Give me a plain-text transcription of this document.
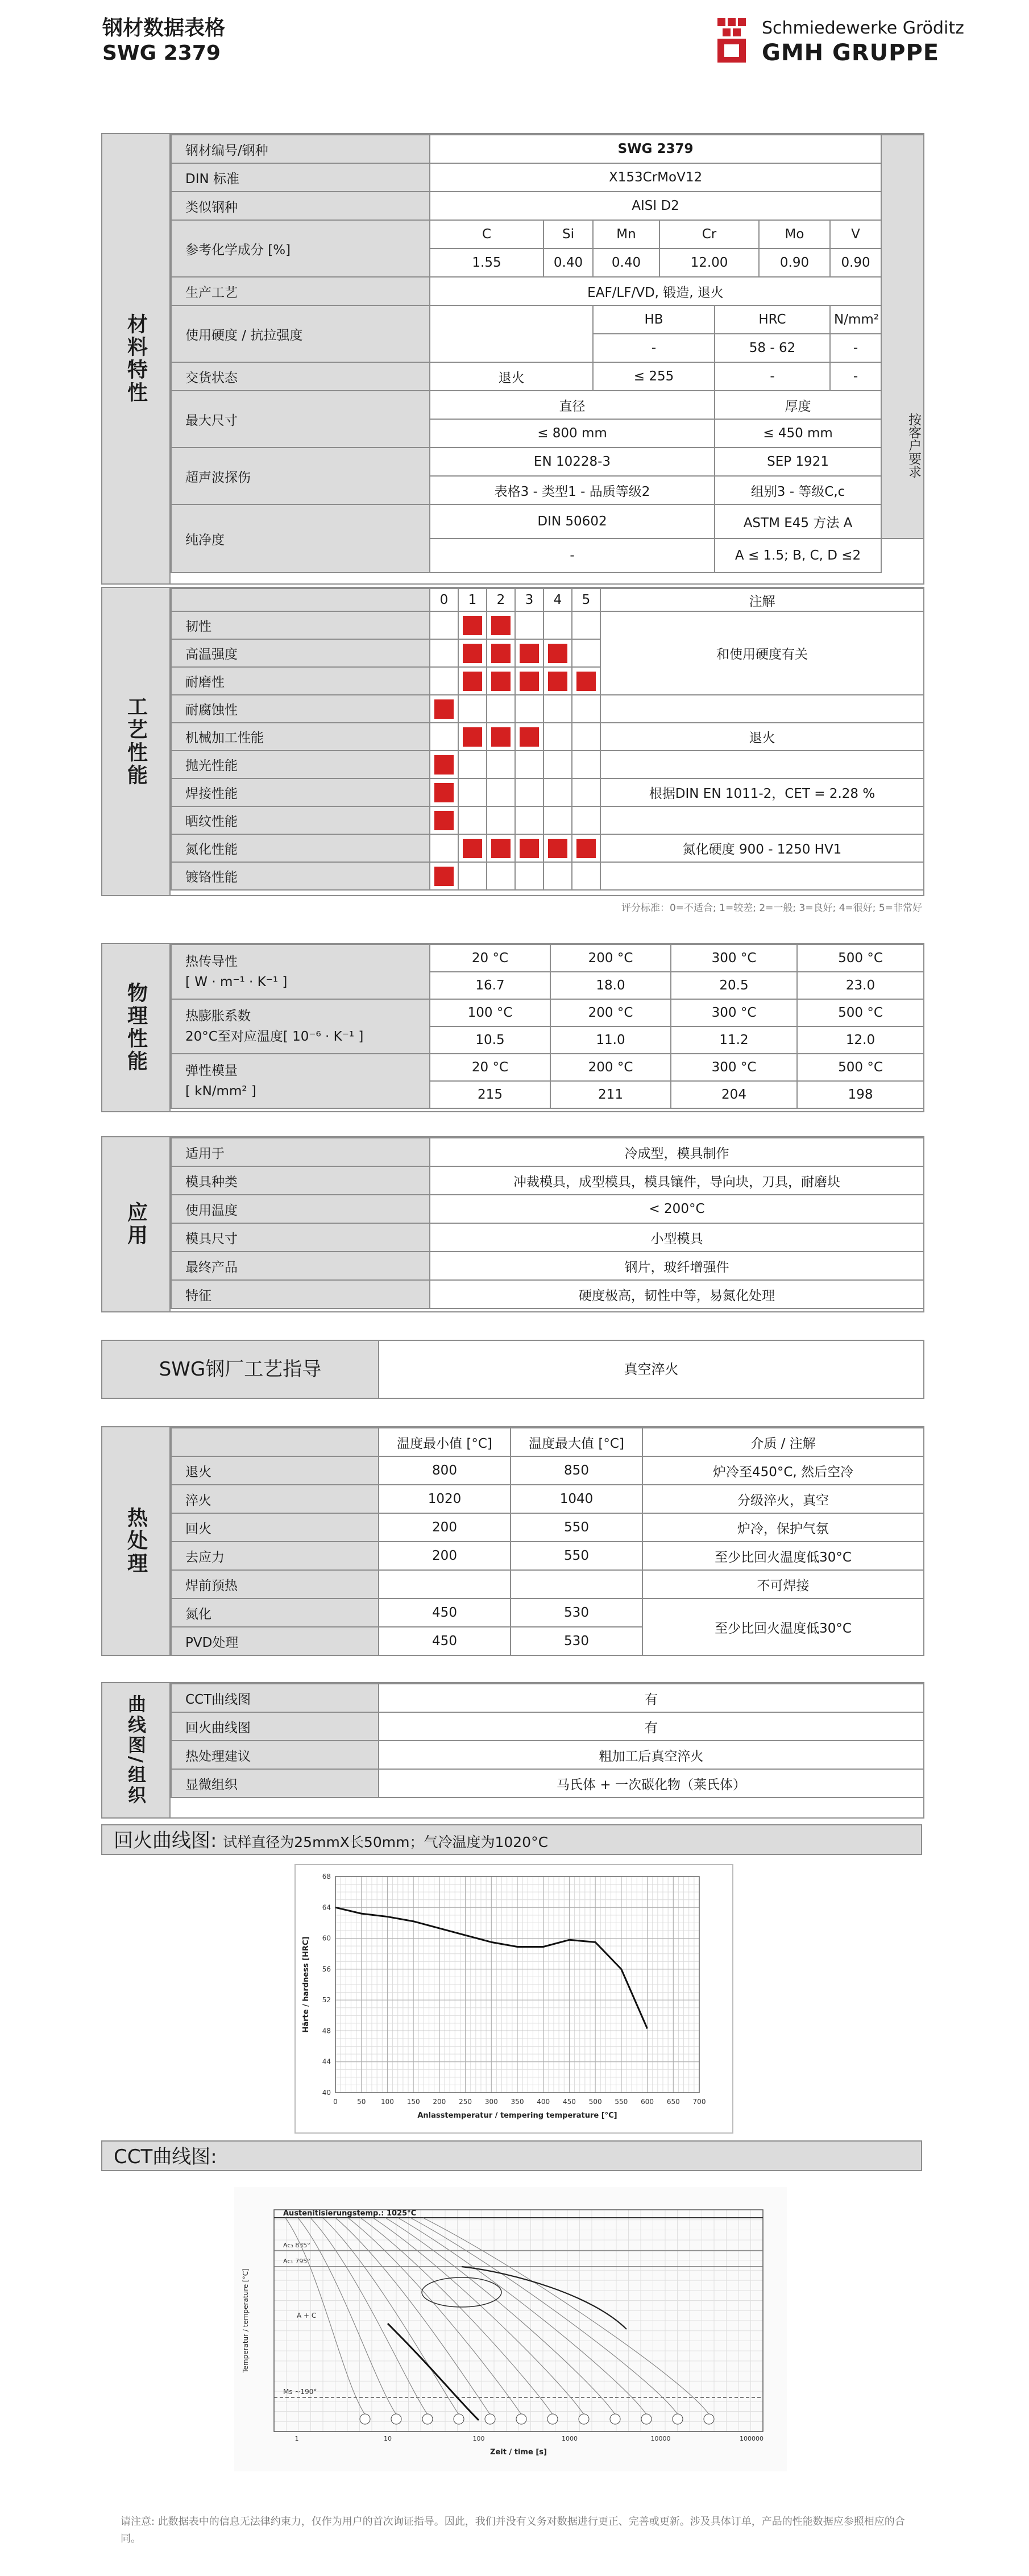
钢材数据表格
SWG 2379
Schmiedewerke Gröditz
GMH GRUPPE
材料特性
钢材编号/钢种	SWG 2379							
DIN 标准	X153CrMoV12							
类似钢种	AISI D2							
参考化学成分 [%]	C	Si	Mn	Cr		Mo	V	
	1.55	0.40	0.40	12.00		0.90	0.90	
生产工艺	EAF/LF/VD, 锻造, 退火							
使用硬度 / 抗拉强度			HB		HRC		N/mm²	
			-		58 - 62		-	
交货状态	退火		≤ 255		-		-	
最大尺寸	直径				厚度			
	≤ 800 mm				≤ 450 mm			
超声波探伤	EN 10228-3				SEP 1921			
	表格3 - 类型1 - 品质等级2				组别3 - 等级C,c			
纯净度	DIN 50602				ASTM E45 方法 A			
	-				A ≤ 1.5; B, C, D ≤2			
按客户要求
工艺性能
	0	1	2	3	4	5	注解
韧性							和使用硬度有关
高温强度							
耐磨性							
耐腐蚀性							
机械加工性能							退火
抛光性能							
焊接性能							根据DIN EN 1011-2，CET = 2.28 %
晒纹性能							
氮化性能							氮化硬度 900 - 1250 HV1
镀铬性能							
评分标准：0=不适合; 1=较差; 2=一般; 3=良好; 4=很好; 5=非常好
物理性能
热传导性
[ W · m⁻¹ · K⁻¹ ]	20 °C	200 °C	300 °C	500 °C
	16.7	18.0	20.5	23.0

热膨胀系数
20°C至对应温度[ 10⁻⁶ · K⁻¹ ]	100 °C	200 °C	300 °C	500 °C
	10.5	11.0	11.2	12.0

弹性模量
[ kN/mm² ]	20 °C	200 °C	300 °C	500 °C
	215	211	204	198
应用
适用于	冷成型，模具制作
模具种类	冲裁模具，成型模具，模具镶件，导向块，刀具，耐磨块
使用温度	< 200°C
模具尺寸	小型模具
最终产品	钢片，玻纤增强件
特征	硬度极高，韧性中等，易氮化处理
SWG钢厂工艺指导	真空淬火
热处理
	温度最小值 [°C]	温度最大值 [°C]	介质 / 注解
退火	800	850	炉冷至450°C, 然后空冷
淬火	1020	1040	分级淬火，真空
回火	200	550	炉冷，保护气氛
去应力	200	550	至少比回火温度低30°C
焊前预热			不可焊接
氮化	450	530	至少比回火温度低30°C
PVD处理	450	530	
曲线图/组织	CCT曲线图	有
回火曲线图	有
热处理建议	粗加工后真空淬火
显微组织	马氏体 + 一次碳化物（莱氏体）
回火曲线图: 试样直径为25mmX长50mm；气冷温度为1020°C
0	50 100 150 200 250 300 350 400 450 500 550 600 650 700
40
44
48
52
56
60
64
68
Anlasstemperatur / tempering temperature [°C]
Härte / hardness [HRC]
CCT曲线图:
Austenitisierungstemp.: 1025°C
Ac₃ 835°
Ac₁ 795°
A + C
Ms ~190°
1	10	100	1000	10000	100000
Zeit / time [s]
Temperatur / temperature [°C]
请注意: 此数据表中的信息无法律约束力，仅作为用户的首次询证指导。因此，我们并没有义务对数据进行更正、完善或更新。涉及具体订单，产品的性能数据应参照相应的合同。
